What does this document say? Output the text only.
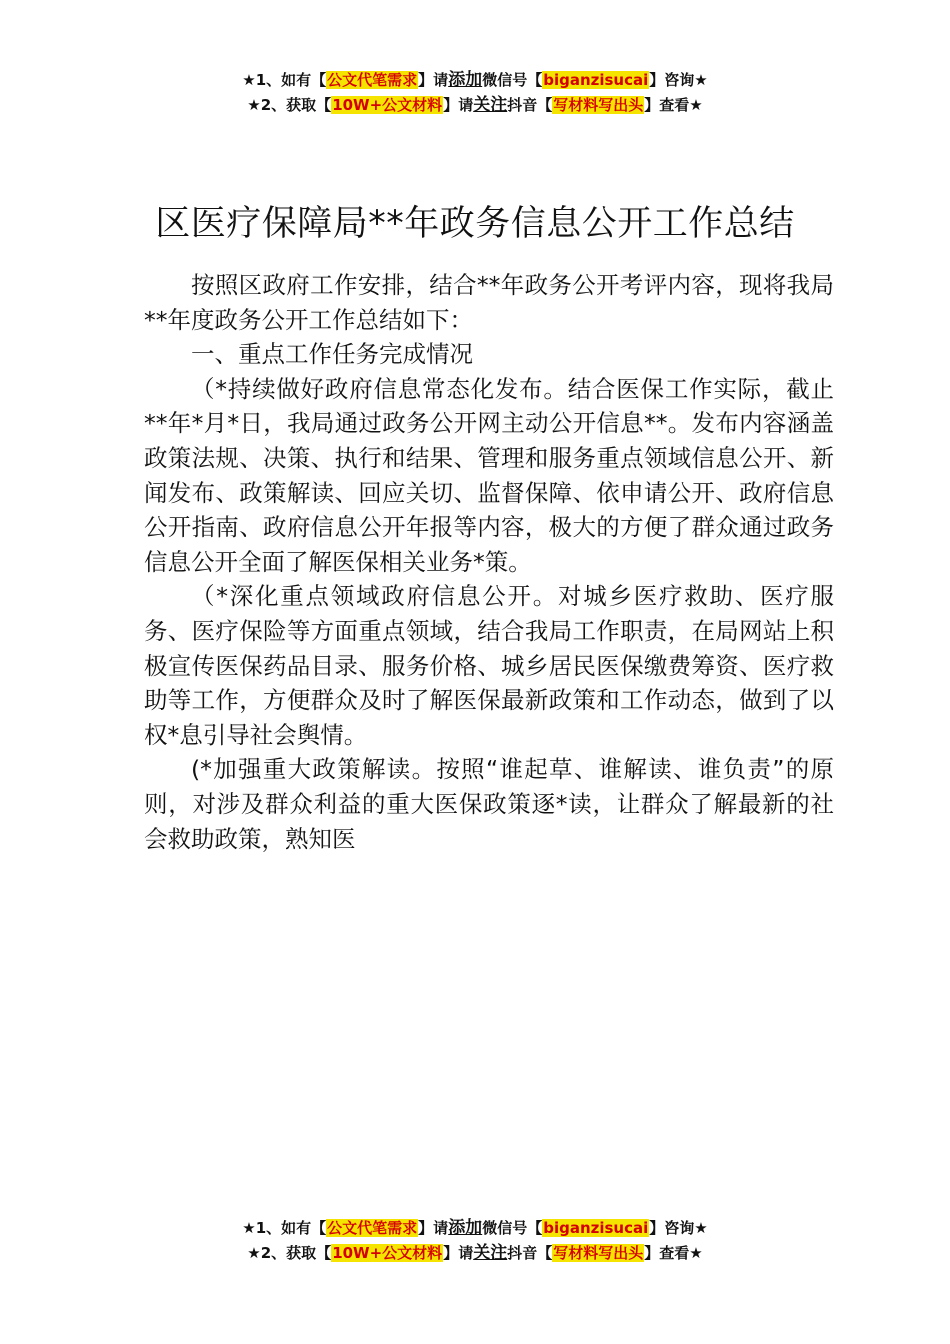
★1、如有【公文代笔需求】请添加微信号【biganzisucai】咨询★
★2、获取【10W+公文材料】请关注抖音【写材料写出头】查看★
区医疗保障局**年政务信息公开工作总结

按照区政府工作安排，结合**年政务公开考评内容，现将我局**年度政务公开工作总结如下：

一、重点工作任务完成情况

（*持续做好政府信息常态化发布。结合医保工作实际，截止**年*月*日，我局通过政务公开网主动公开信息**。发布内容涵盖政策法规、决策、执行和结果、管理和服务重点领域信息公开、新闻发布、政策解读、回应关切、监督保障、依申请公开、政府信息公开指南、政府信息公开年报等内容，极大的方便了群众通过政务信息公开全面了解医保相关业务*策。

（*深化重点领域政府信息公开。对城乡医疗救助、医疗服务、医疗保险等方面重点领域，结合我局工作职责，在局网站上积极宣传医保药品目录、服务价格、城乡居民医保缴费筹资、医疗救助等工作，方便群众及时了解医保最新政策和工作动态，做到了以权*息引导社会舆情。

(*加强重大政策解读。按照“谁起草、谁解读、谁负责”的原则，对涉及群众利益的重大医保政策逐*读，让群众了解最新的社会救助政策，熟知医

★1、如有【公文代笔需求】请添加微信号【biganzisucai】咨询★
★2、获取【10W+公文材料】请关注抖音【写材料写出头】查看★
